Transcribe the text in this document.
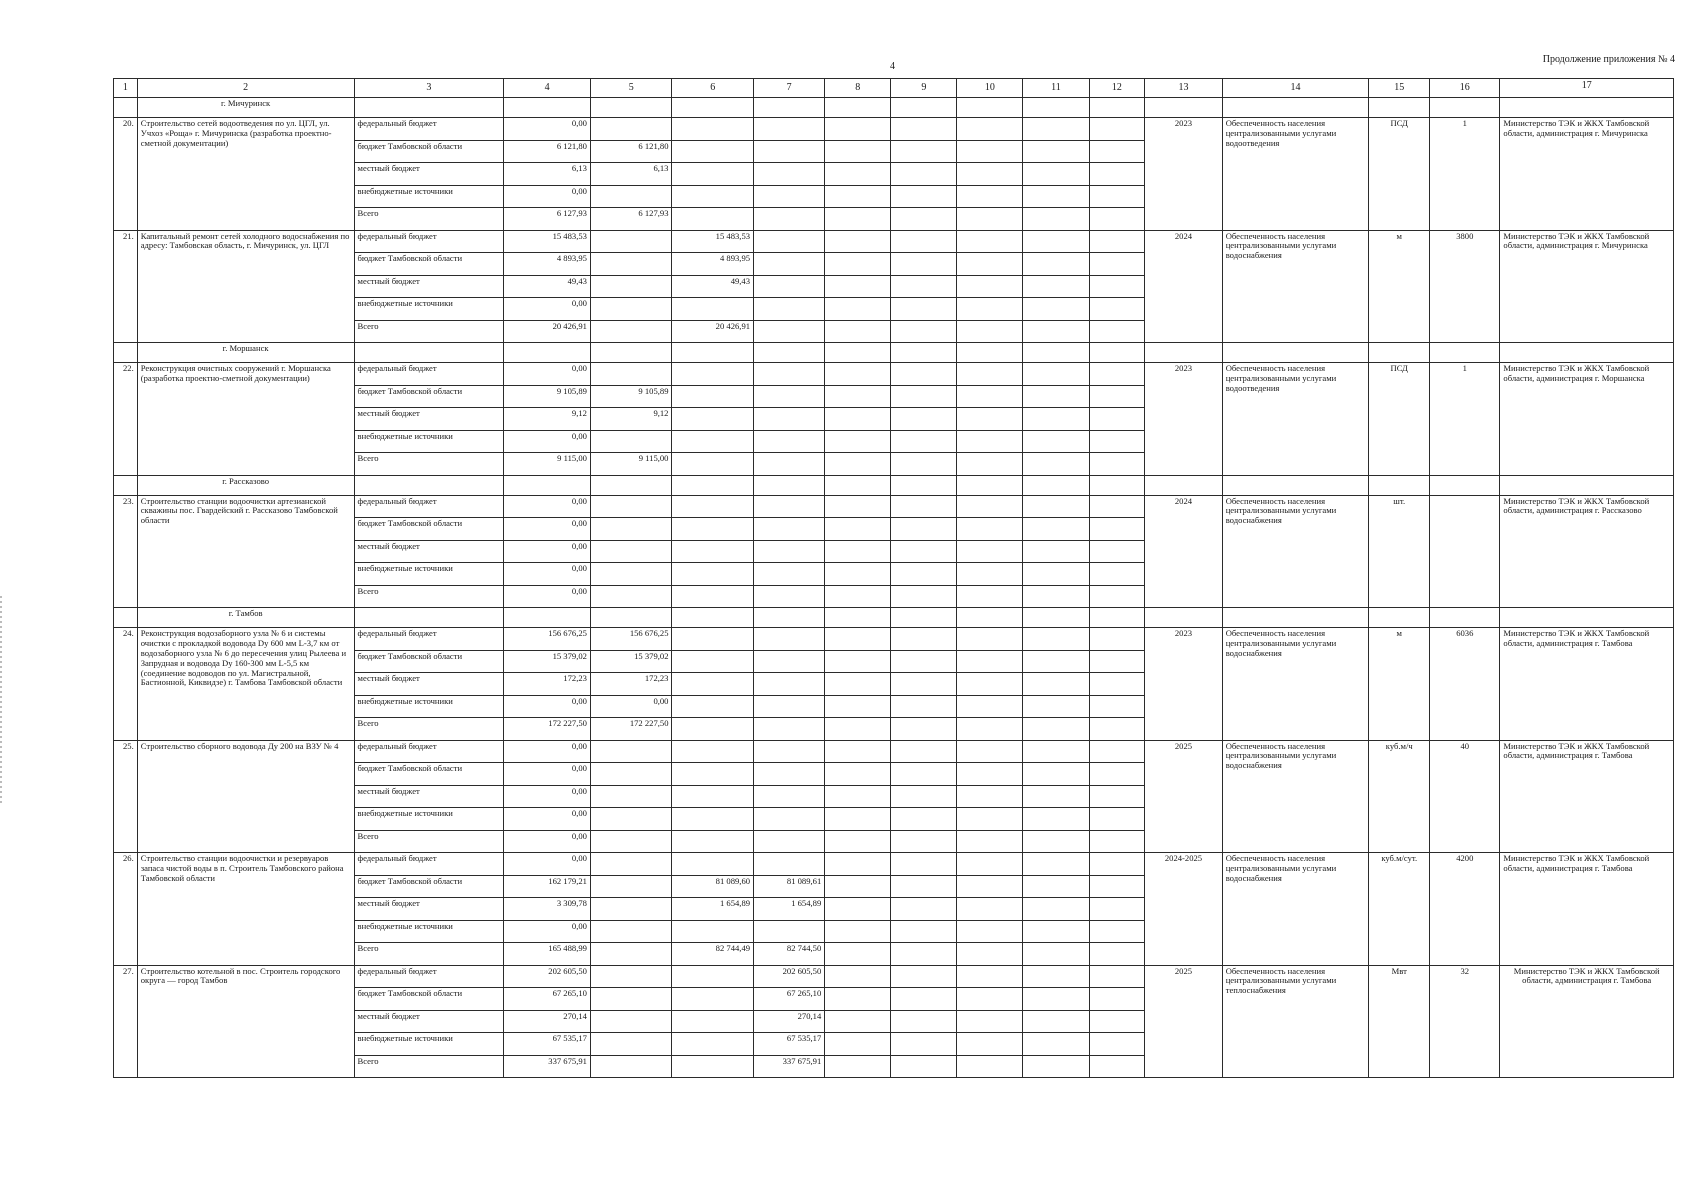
4
Продолжение приложения № 4
1	2	3	4	5	6	7	8	9	10	11	12	13	14	15	16	17
	г. Мичуринск															
20.	Строительство сетей водоотведения по ул. ЦГЛ, ул. Учхоз «Роща» г. Мичуринска (разработка проектно-сметной документации)	федеральный бюджет	0,00									2023	Обеспеченность населения централизованными услугами водоотведения	ПСД	1	Министерство ТЭК и ЖКХ Тамбовской области, администрация г. Мичуринска
		бюджет Тамбовской области	6 121,80	6 121,80												
		местный бюджет	6,13	6,13												
		внебюджетные источники	0,00													
		Всего	6 127,93	6 127,93												
21.	Капитальный ремонт сетей холодного водоснабжения по адресу: Тамбовская область, г. Мичуринск, ул. ЦГЛ	федеральный бюджет	15 483,53		15 483,53							2024	Обеспеченность населения централизованными услугами водоснабжения	м	3800	Министерство ТЭК и ЖКХ Тамбовской области, администрация г. Мичуринска
		бюджет Тамбовской области	4 893,95		4 893,95											
		местный бюджет	49,43		49,43											
		внебюджетные источники	0,00													
		Всего	20 426,91		20 426,91											
	г. Моршанск															
22.	Реконструкция очистных сооружений г. Моршанска (разработка проектно-сметной документации)	федеральный бюджет	0,00									2023	Обеспеченность населения централизованными услугами водоотведения	ПСД	1	Министерство ТЭК и ЖКХ Тамбовской области, администрация г. Моршанска
		бюджет Тамбовской области	9 105,89	9 105,89												
		местный бюджет	9,12	9,12												
		внебюджетные источники	0,00													
		Всего	9 115,00	9 115,00												
	г. Рассказово															
23.	Строительство станции водоочистки артезианской скважины пос. Гвардейский г. Рассказово Тамбовской области	федеральный бюджет	0,00									2024	Обеспеченность населения централизованными услугами водоснабжения	шт.		Министерство ТЭК и ЖКХ Тамбовской области, администрация г. Рассказово
		бюджет Тамбовской области	0,00													
		местный бюджет	0,00													
		внебюджетные источники	0,00													
		Всего	0,00													
	г. Тамбов															
24.	Реконструкция водозаборного узла № 6 и системы очистки с прокладкой водовода Dy 600 мм L-3,7 км от водозаборного узла № 6 до пересечения улиц Рылеева и Запрудная и водовода Dy 160-300 мм L-5,5 км (соединение водоводов по ул. Магистральной, Бастионной, Киквидзе) г. Тамбова Тамбовской области	федеральный бюджет	156 676,25	156 676,25								2023	Обеспеченность населения централизованными услугами водоснабжения	м	6036	Министерство ТЭК и ЖКХ Тамбовской области, администрация г. Тамбова
		бюджет Тамбовской области	15 379,02	15 379,02												
		местный бюджет	172,23	172,23												
		внебюджетные источники	0,00	0,00												
		Всего	172 227,50	172 227,50												
25.	Строительство сборного водовода Ду 200 на ВЗУ № 4	федеральный бюджет	0,00									2025	Обеспеченность населения централизованными услугами водоснабжения	куб.м/ч	40	Министерство ТЭК и ЖКХ Тамбовской области, администрация г. Тамбова
		бюджет Тамбовской области	0,00													
		местный бюджет	0,00													
		внебюджетные источники	0,00													
		Всего	0,00													
26.	Строительство станции водоочистки и резервуаров запаса чистой воды в п. Строитель Тамбовского района Тамбовской области	федеральный бюджет	0,00									2024-2025	Обеспеченность населения централизованными услугами водоснабжения	куб.м/сут.	4200	Министерство ТЭК и ЖКХ Тамбовской области, администрация г. Тамбова
		бюджет Тамбовской области	162 179,21		81 089,60	81 089,61										
		местный бюджет	3 309,78		1 654,89	1 654,89										
		внебюджетные источники	0,00													
		Всего	165 488,99		82 744,49	82 744,50										
27.	Строительство котельной в пос. Строитель городского округа — город Тамбов	федеральный бюджет	202 605,50			202 605,50						2025	Обеспеченность населения централизованными услугами теплоснабжения	Мвт	32	Министерство ТЭК и ЖКХ Тамбовской области, администрация г. Тамбова
		бюджет Тамбовской области	67 265,10			67 265,10										
		местный бюджет	270,14			270,14										
		внебюджетные источники	67 535,17			67 535,17										
		Всего	337 675,91			337 675,91										
